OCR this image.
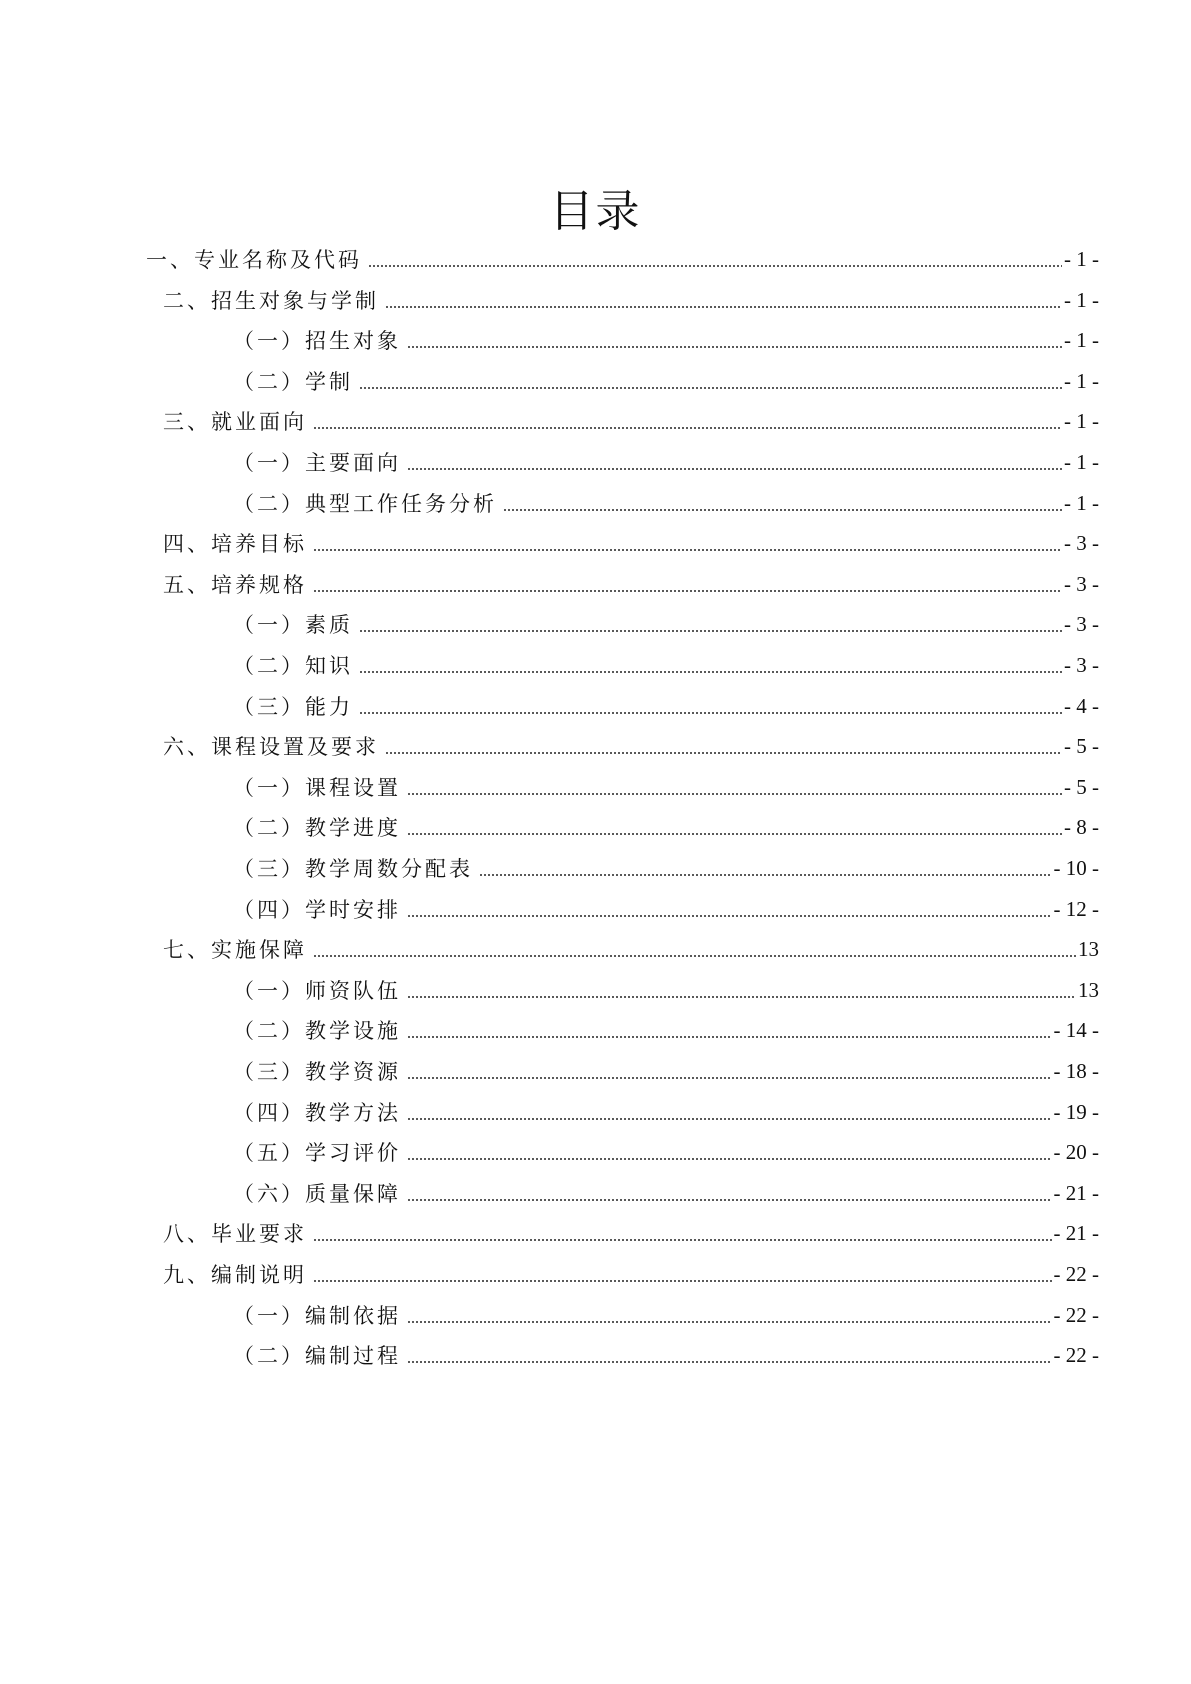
目录
一、专业名称及代码	- 1 -
二、招生对象与学制	- 1 -
（一）招生对象	- 1 -
（二）学制	- 1 -
三、就业面向	- 1 -
（一）主要面向	- 1 -
（二）典型工作任务分析	- 1 -
四、培养目标	- 3 -
五、培养规格	- 3 -
（一）素质	- 3 -
（二）知识	- 3 -
（三）能力	- 4 -
六、课程设置及要求	- 5 -
（一）课程设置	- 5 -
（二）教学进度	- 8 -
（三）教学周数分配表	- 10 -
（四）学时安排	- 12 -
七、实施保障	13
（一）师资队伍	13
（二）教学设施	- 14 -
（三）教学资源	- 18 -
（四）教学方法	- 19 -
（五）学习评价	- 20 -
（六）质量保障	- 21 -
八、毕业要求	- 21 -
九、编制说明	- 22 -
（一）编制依据	- 22 -
（二）编制过程	- 22 -
